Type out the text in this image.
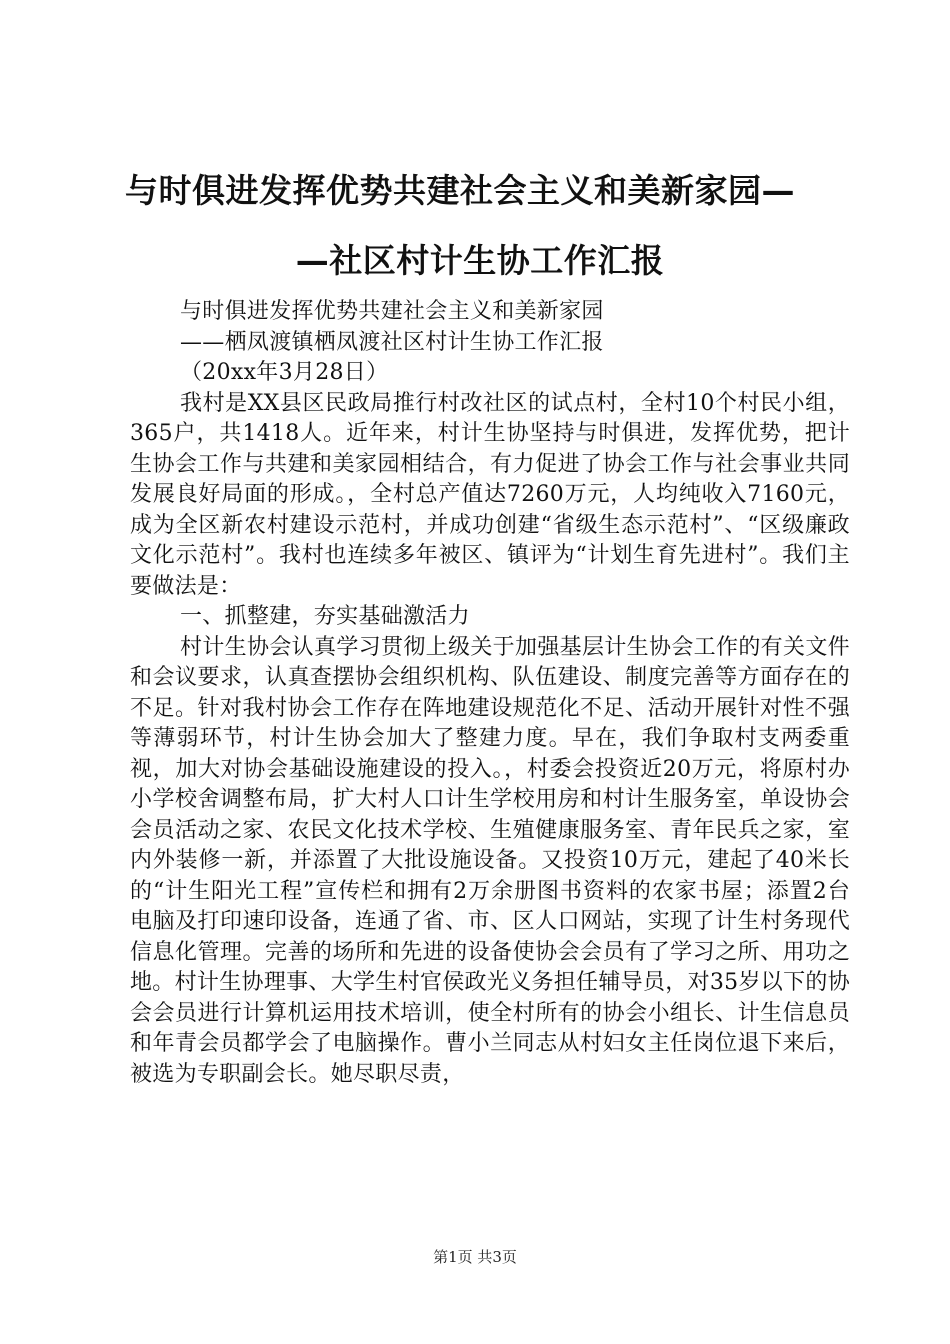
与时俱进发挥优势共建社会主义和美新家园—
—社区村计生协工作汇报

与时俱进发挥优势共建社会主义和美新家园

——栖凤渡镇栖凤渡社区村计生协工作汇报

（20xx年3月28日）

我村是XX县区民政局推行村改社区的试点村，全村10个村民小组，365户，共1418人。近年来，村计生协坚持与时俱进，发挥优势，把计生协会工作与共建和美家园相结合，有力促进了协会工作与社会事业共同发展良好局面的形成。，全村总产值达7260万元，人均纯收入7160元，成为全区新农村建设示范村，并成功创建“省级生态示范村”、“区级廉政文化示范村”。我村也连续多年被区、镇评为“计划生育先进村”。我们主要做法是：

一、抓整建，夯实基础激活力

村计生协会认真学习贯彻上级关于加强基层计生协会工作的有关文件和会议要求，认真查摆协会组织机构、队伍建设、制度完善等方面存在的不足。针对我村协会工作存在阵地建设规范化不足、活动开展针对性不强等薄弱环节，村计生协会加大了整建力度。早在，我们争取村支两委重视，加大对协会基础设施建设的投入。，村委会投资近20万元，将原村办小学校舍调整布局，扩大村人口计生学校用房和村计生服务室，单设协会会员活动之家、农民文化技术学校、生殖健康服务室、青年民兵之家，室内外装修一新，并添置了大批设施设备。又投资10万元，建起了40米长的“计生阳光工程”宣传栏和拥有2万余册图书资料的农家书屋；添置2台电脑及打印速印设备，连通了省、市、区人口网站，实现了计生村务现代信息化管理。完善的场所和先进的设备使协会会员有了学习之所、用功之地。村计生协理事、大学生村官侯政光义务担任辅导员，对35岁以下的协会会员进行计算机运用技术培训，使全村所有的协会小组长、计生信息员和年青会员都学会了电脑操作。曹小兰同志从村妇女主任岗位退下来后，被选为专职副会长。她尽职尽责，

第1页 共3页
